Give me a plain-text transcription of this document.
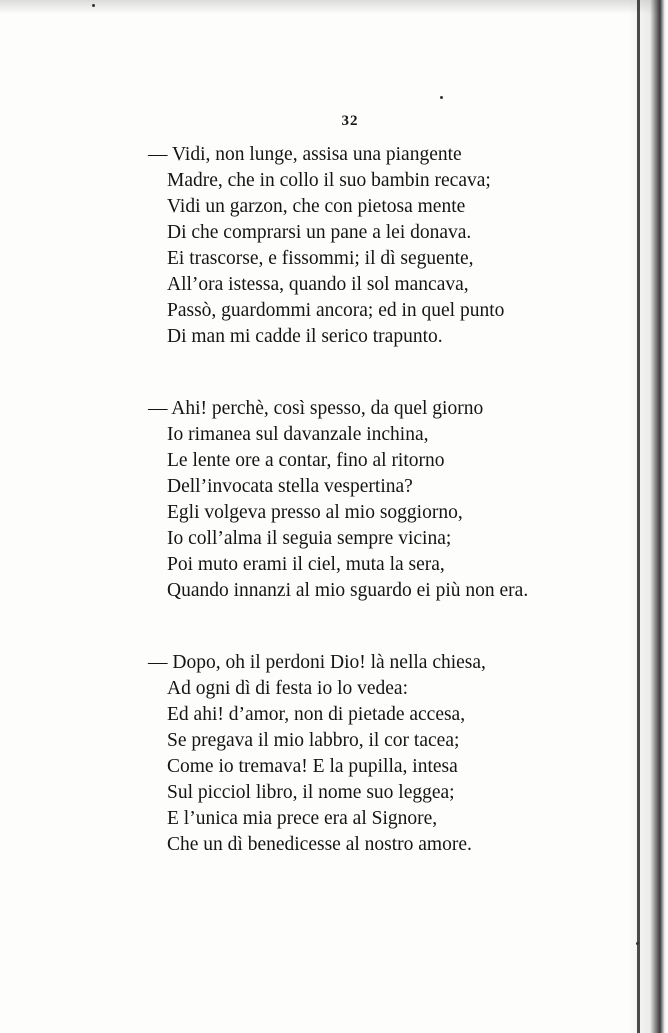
32
— Vidi, non lunge, assisa una piangente
Madre, che in collo il suo bambin recava;
Vidi un garzon, che con pietosa mente
Di che comprarsi un pane a lei donava.
Ei trascorse, e fissommi; il dì seguente,
All’ora istessa, quando il sol mancava,
Passò, guardommi ancora; ed in quel punto
Di man mi cadde il serico trapunto.
— Ahi! perchè, così spesso, da quel giorno
Io rimanea sul davanzale inchina,
Le lente ore a contar, fino al ritorno
Dell’invocata stella vespertina?
Egli volgeva presso al mio soggiorno,
Io coll’alma il seguia sempre vicina;
Poi muto erami il ciel, muta la sera,
Quando innanzi al mio sguardo ei più non era.
— Dopo, oh il perdoni Dio! là nella chiesa,
Ad ogni dì di festa io lo vedea:
Ed ahi! d’amor, non di pietade accesa,
Se pregava il mio labbro, il cor tacea;
Come io tremava! E la pupilla, intesa
Sul picciol libro, il nome suo leggea;
E l’unica mia prece era al Signore,
Che un dì benedicesse al nostro amore.
